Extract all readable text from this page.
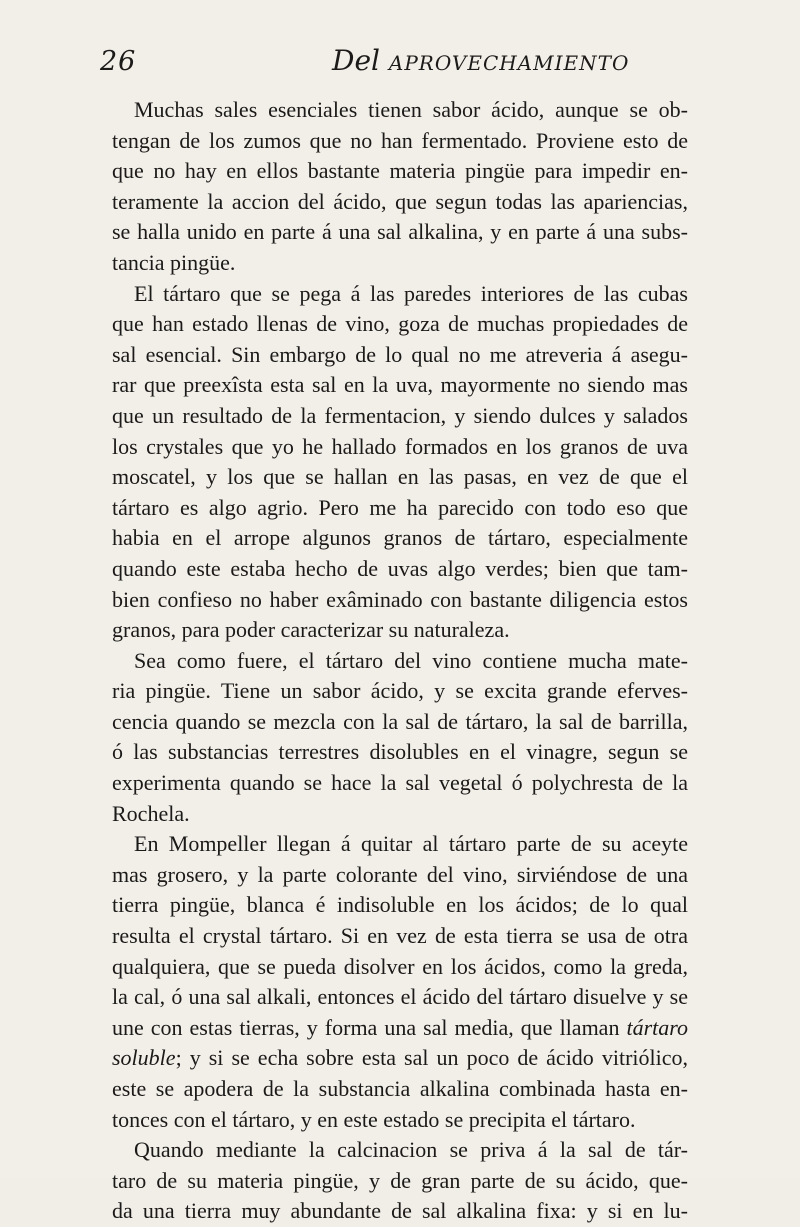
26	Del APROVECHAMIENTO
Muchas sales esenciales tienen sabor ácido, aunque se ob-
tengan de los zumos que no han fermentado. Proviene esto de
que no hay en ellos bastante materia pingüe para impedir en-
teramente la accion del ácido, que segun todas las apariencias,
se halla unido en parte á una sal alkalina, y en parte á una subs-
tancia pingüe.
El tártaro que se pega á las paredes interiores de las cubas
que han estado llenas de vino, goza de muchas propiedades de
sal esencial. Sin embargo de lo qual no me atreveria á asegu-
rar que preexîsta esta sal en la uva, mayormente no siendo mas
que un resultado de la fermentacion, y siendo dulces y salados
los crystales que yo he hallado formados en los granos de uva
moscatel, y los que se hallan en las pasas, en vez de que el
tártaro es algo agrio. Pero me ha parecido con todo eso que
habia en el arrope algunos granos de tártaro, especialmente
quando este estaba hecho de uvas algo verdes; bien que tam-
bien confieso no haber exâminado con bastante diligencia estos
granos, para poder caracterizar su naturaleza.
Sea como fuere, el tártaro del vino contiene mucha mate-
ria pingüe. Tiene un sabor ácido, y se excita grande eferves-
cencia quando se mezcla con la sal de tártaro, la sal de barrilla,
ó las substancias terrestres disolubles en el vinagre, segun se
experimenta quando se hace la sal vegetal ó polychresta de la
Rochela.
En Mompeller llegan á quitar al tártaro parte de su aceyte
mas grosero, y la parte colorante del vino, sirviéndose de una
tierra pingüe, blanca é indisoluble en los ácidos; de lo qual
resulta el crystal tártaro. Si en vez de esta tierra se usa de otra
qualquiera, que se pueda disolver en los ácidos, como la greda,
la cal, ó una sal alkali, entonces el ácido del tártaro disuelve y se
une con estas tierras, y forma una sal media, que llaman tártaro
soluble; y si se echa sobre esta sal un poco de ácido vitriólico,
este se apodera de la substancia alkalina combinada hasta en-
tonces con el tártaro, y en este estado se precipita el tártaro.
Quando mediante la calcinacion se priva á la sal de tár-
taro de su materia pingüe, y de gran parte de su ácido, que-
da una tierra muy abundante de sal alkalina fixa: y si en lu-
